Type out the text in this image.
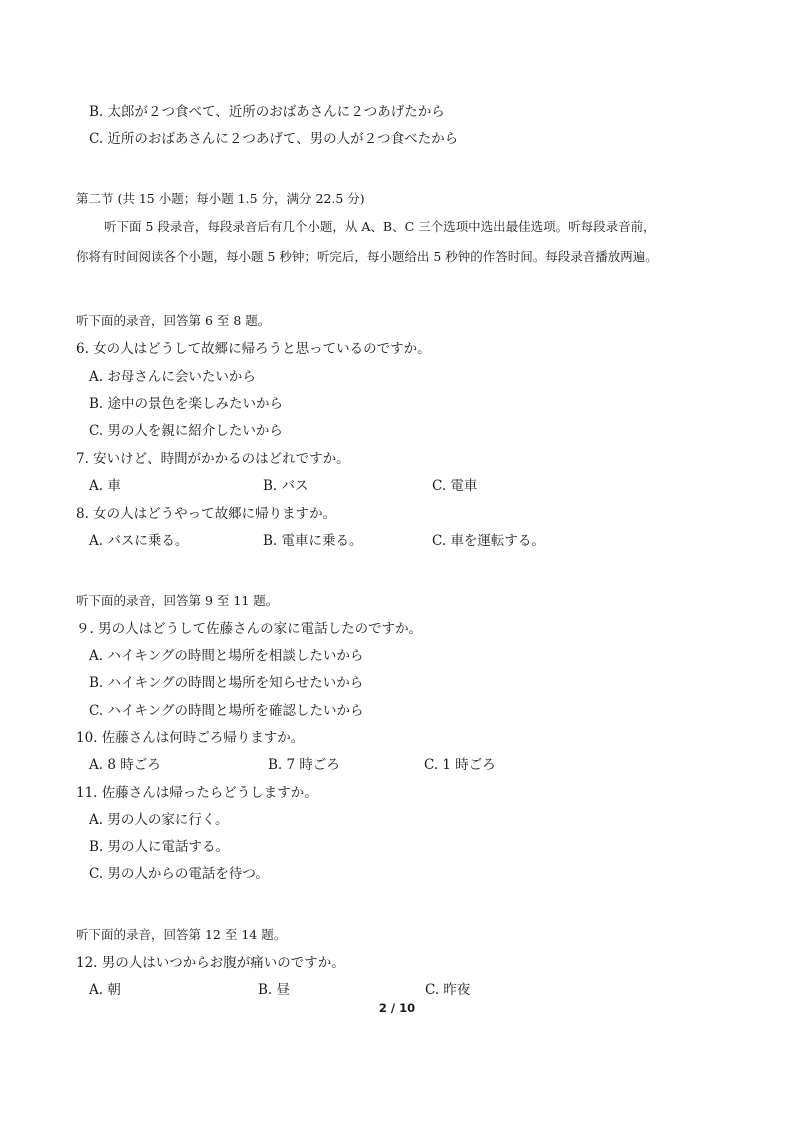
B. 太郎が２つ食べて、近所のおばあさんに２つあげたから
C. 近所のおばあさんに２つあげて、男の人が２つ食べたから
第二节 (共 15 小题；每小题 1.5 分，满分 22.5 分)
听下面 5 段录音，每段录音后有几个小题，从 A、B、C 三个选项中选出最佳选项。听每段录音前，
你将有时间阅读各个小题，每小题 5 秒钟；听完后，每小题给出 5 秒钟的作答时间。每段录音播放两遍。
听下面的录音，回答第 6 至 8 题。
6. 女の人はどうして故郷に帰ろうと思っているのですか。
A. お母さんに会いたいから
B. 途中の景色を楽しみたいから
C. 男の人を親に紹介したいから
7. 安いけど、時間がかかるのはどれですか。
A. 車	B. バス	C. 電車
8. 女の人はどうやって故郷に帰りますか。
A. バスに乗る。	B. 電車に乗る。	C. 車を運転する。
听下面的录音，回答第 9 至 11 题。
９. 男の人はどうして佐藤さんの家に電話したのですか。
A. ハイキングの時間と場所を相談したいから
B. ハイキングの時間と場所を知らせたいから
C. ハイキングの時間と場所を確認したいから
10. 佐藤さんは何時ごろ帰りますか。
A. 8 時ごろ	B. 7 時ごろ	C. 1 時ごろ
11. 佐藤さんは帰ったらどうしますか。
A. 男の人の家に行く。
B. 男の人に電話する。
C. 男の人からの電話を待つ。
听下面的录音，回答第 12 至 14 题。
12. 男の人はいつからお腹が痛いのですか。
A. 朝	B. 昼	C. 昨夜
2 / 10
